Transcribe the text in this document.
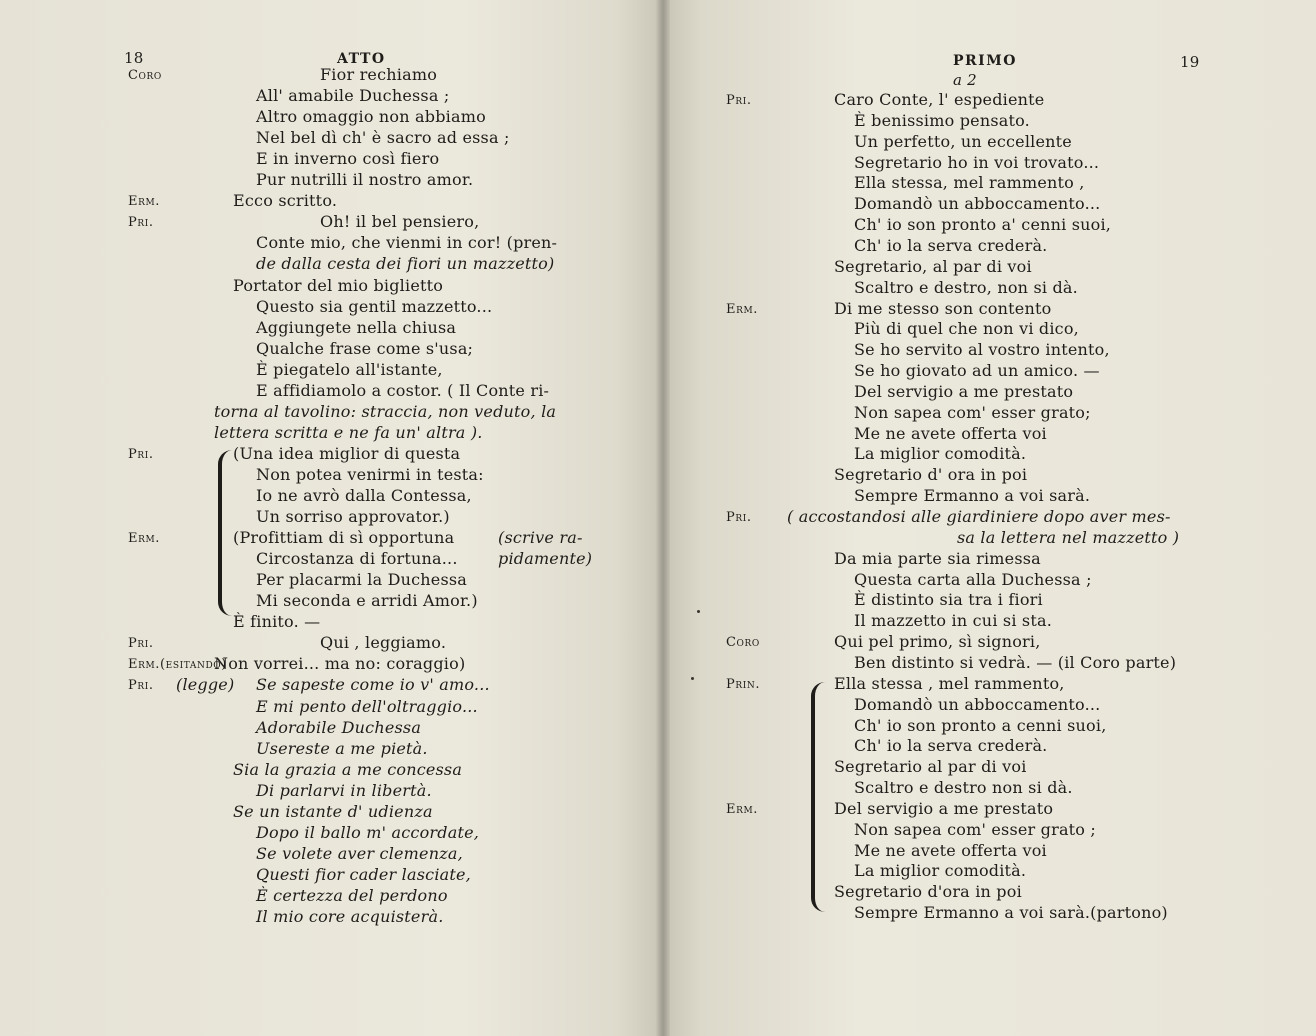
18	ATTO
Coro	Fior rechiamo
All' amabile Duchessa ;
Altro omaggio non abbiamo
Nel bel dì ch' è sacro ad essa ;
E in inverno così fiero
Pur nutrilli il nostro amor.
Erm.	Ecco scritto.
Pri.	Oh! il bel pensiero,
Conte mio, che vienmi in cor! (pren-
de dalla cesta dei fiori un mazzetto)
Portator del mio biglietto
Questo sia gentil mazzetto...
Aggiungete nella chiusa
Qualche frase come s'usa;
È piegatelo all'istante,
E affidiamolo a costor. ( Il Conte ri-
torna al tavolino: straccia, non veduto, la
lettera scritta e ne fa un' altra ).
Pri.	(Una idea miglior di questa
Non potea venirmi in testa:
Io ne avrò dalla Contessa,
Un sorriso approvator.)
Erm.	(Profittiam di sì opportuna	(scrive ra-
Circostanza di fortuna...	pidamente)
Per placarmi la Duchessa
Mi seconda e arridi Amor.)
È finito. —
Pri.	Qui , leggiamo.
Erm.(esitando)
Non vorrei... ma no: coraggio)
Pri. (legge) Se sapeste come io v' amo...
E mi pento dell'oltraggio...
Adorabile Duchessa
Usereste a me pietà.
Sia la grazia a me concessa
Di parlarvi in libertà.
Se un istante d' udienza
Dopo il ballo m' accordate,
Se volete aver clemenza,
Questi fior cader lasciate,
È certezza del perdono
Il mio core acquisterà.
PRIMO
a 2
19
Pri.	Caro Conte, l' espediente
È benissimo pensato.
Un perfetto, un eccellente
Segretario ho in voi trovato...
Ella stessa, mel rammento ,
Domandò un abboccamento...
Ch' io son pronto a' cenni suoi,
Ch' io la serva crederà.
Segretario, al par di voi
Scaltro e destro, non si dà.
Erm.	Di me stesso son contento
Più di quel che non vi dico,
Se ho servito al vostro intento,
Se ho giovato ad un amico. —
Del servigio a me prestato
Non sapea com' esser grato;
Me ne avete offerta voi
La miglior comodità.
Segretario d' ora in poi
Sempre Ermanno a voi sarà.
Pri. ( accostandosi alle giardiniere dopo aver mes-
sa la lettera nel mazzetto )
Da mia parte sia rimessa
Questa carta alla Duchessa ;
È distinto sia tra i fiori
Il mazzetto in cui si sta.
Coro	Qui pel primo, sì signori,
Ben distinto si vedrà. — (il Coro parte)
Prin.	Ella stessa , mel rammento,
Domandò un abboccamento...
Ch' io son pronto a cenni suoi,
Ch' io la serva crederà.
Segretario al par di voi
Scaltro e destro non si dà.
Erm.	Del servigio a me prestato
Non sapea com' esser grato ;
Me ne avete offerta voi
La miglior comodità.
Segretario d'ora in poi
Sempre Ermanno a voi sarà.(partono)
